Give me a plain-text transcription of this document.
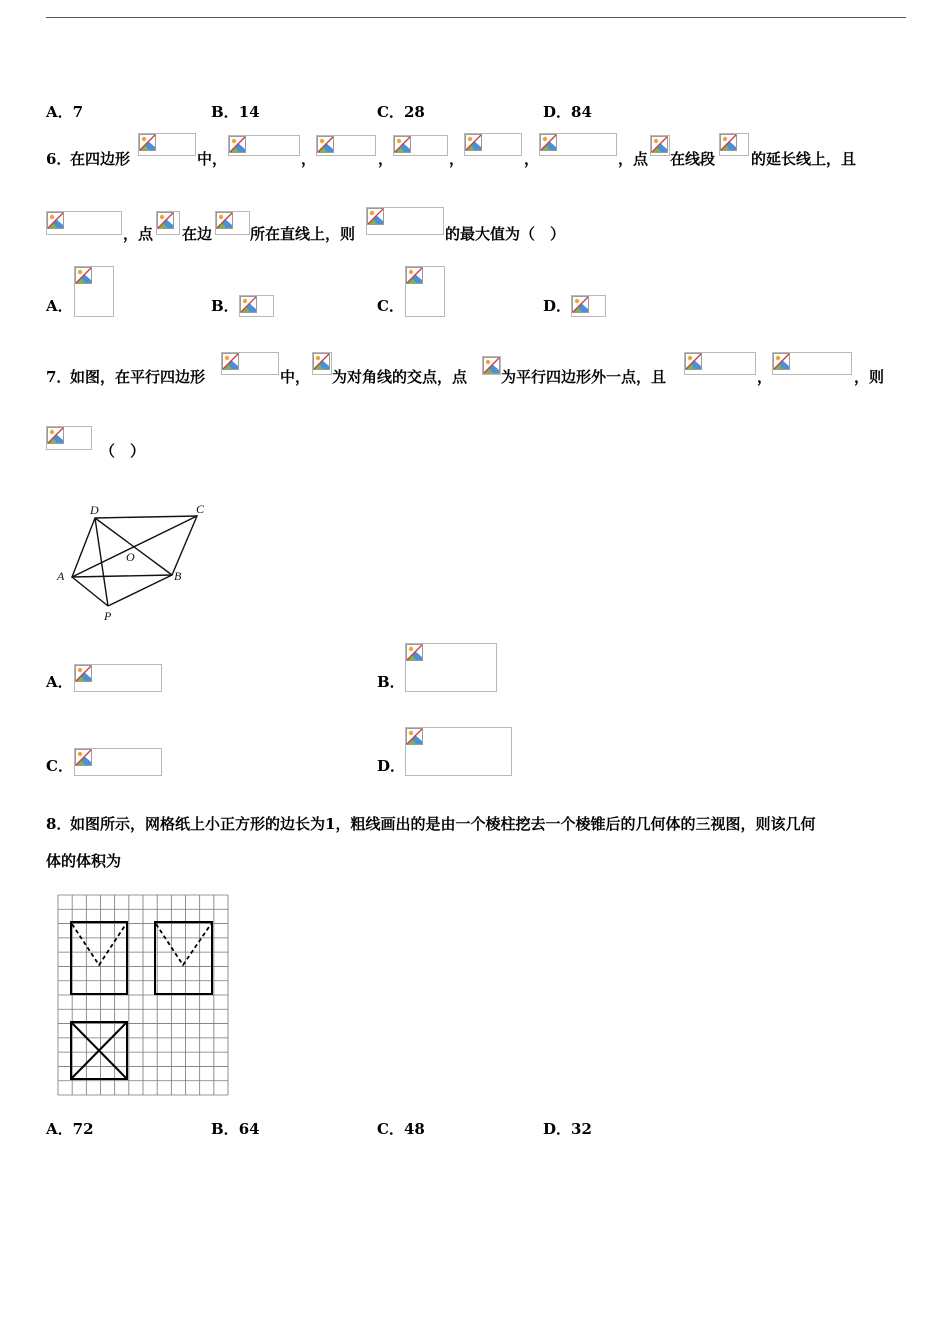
A．7	B．14	C．28	D．84
6．
在四边形	中，	，	，	，	，	，点 在线段 的延长线上，且
，点 在边	所在直线上，则	的最大值为（　）
A．	B．	C．	D．
7．
如图，在平行四边形	中， 为对角线的交点，点 为平行四边形外一点，且	，	，则
（　）
D	C
A
O
B
P
A．	B．
C．	D．
8．
如图所示，网格纸上小正方形的边长为1，粗线画出的是由一个棱柱挖去一个棱锥后的几何体的三视图，则该几何
体的体积为
A．72	B．64	C．48	D．32
